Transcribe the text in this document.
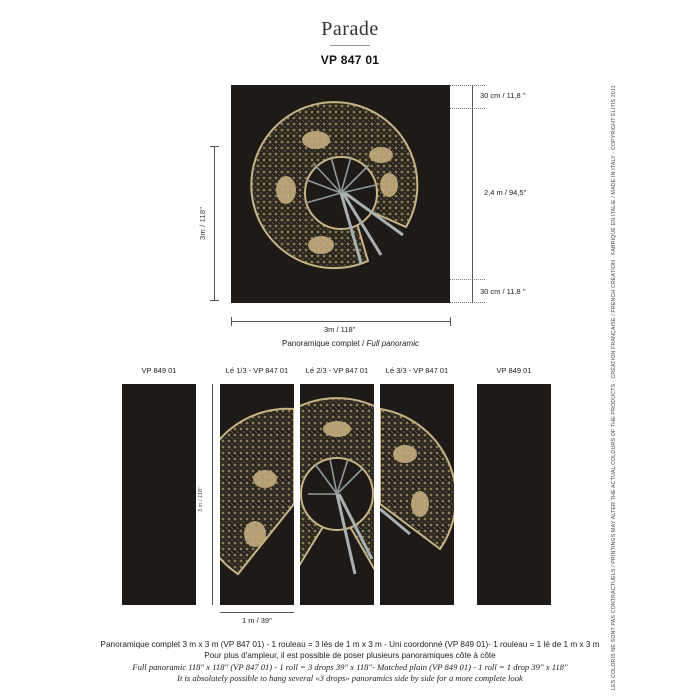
Parade
VP 847 01
30 cm / 11,8 ''
2,4 m / 94,5''
30 cm / 11,8 ''
3m / 118''
3m / 118''
Panoramique complet / Full panoramic
VP 849 01	Lé 1/3 - VP 847 01	Lé 2/3 - VP 847 01	Lé 3/3 - VP 847 01	VP 849 01
3 m / 118''
1 m / 39''
Panoramique complet 3 m x 3 m (VP 847 01) - 1 rouleau = 3 lés de 1 m x 3 m - Uni coordonné (VP 849 01)- 1 rouleau = 1 lé de 1 m x 3 m
Pour plus d'ampleur, il est possible de poser plusieurs panoramiques côte à côte
Full panoramic 118'' x 118'' (VP 847 01) - 1 roll = 3 drops 39'' x 118''- Matched plain (VP 849 01) - 1 roll = 1 drop 39'' x 118''
It is absolutely possible to hang several «3 drops» panoramics side by side for a more complete look	LES COLORIS NE SONT PAS CONTRACTUELS / PRINTINGS MAY ALTER THE ACTUAL COLOURS OF THE PRODUCTS · CRÉATION FRANÇAISE / FRENCH CREATION · FABRIQUÉ EN ITALIE / MADE IN ITALY · COPYRIGHT ÉLITIS 2011
